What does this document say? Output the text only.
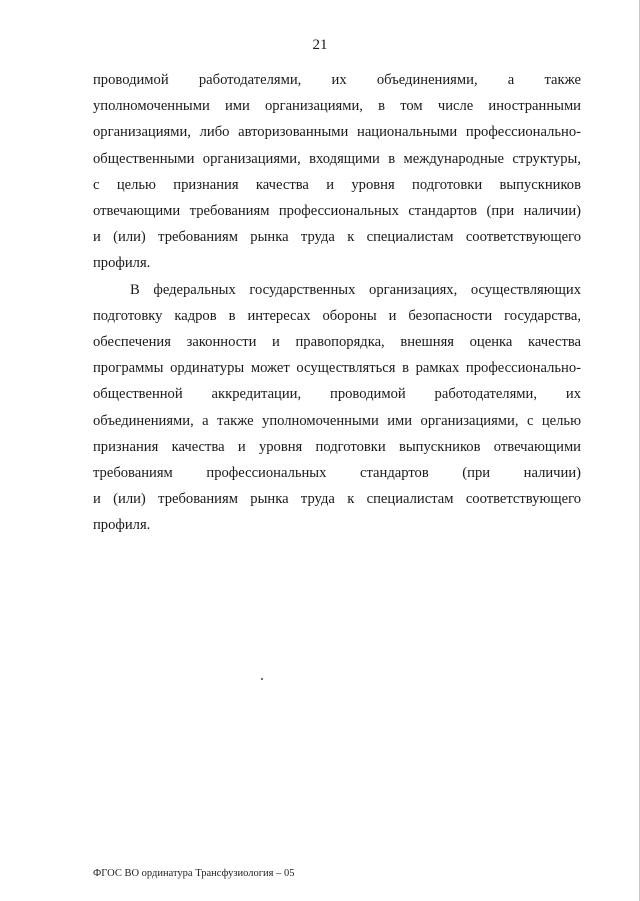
21

проводимой работодателями, их объединениями, а также
уполномоченными ими организациями, в том числе иностранными
организациями, либо авторизованными национальными профессионально-
общественными организациями, входящими в международные структуры,
с целью признания качества и уровня подготовки выпускников
отвечающими требованиям профессиональных стандартов (при наличии)
и (или) требованиям рынка труда к специалистам соответствующего
профиля.

В федеральных государственных организациях, осуществляющих
подготовку кадров в интересах обороны и безопасности государства,
обеспечения законности и правопорядка, внешняя оценка качества
программы ординатуры может осуществляться в рамках профессионально-
общественной аккредитации, проводимой работодателями, их
объединениями, а также уполномоченными ими организациями, с целью
признания качества и уровня подготовки выпускников отвечающими
требованиям профессиональных стандартов (при наличии)
и (или) требованиям рынка труда к специалистам соответствующего
профиля.

ФГОС ВО ординатура Трансфузиология – 05
